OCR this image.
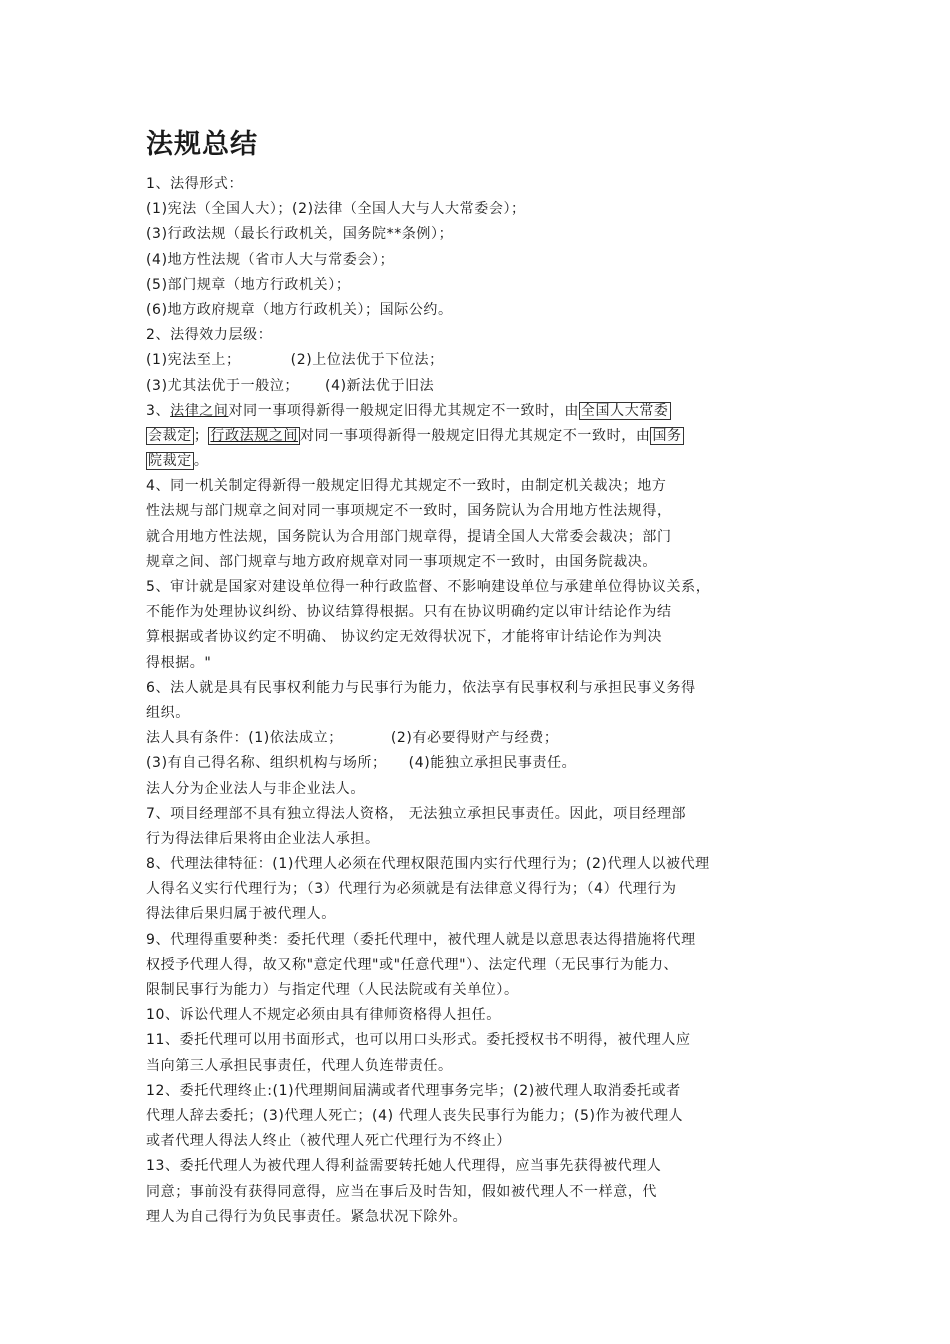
法规总结
1、法得形式：
(1)宪法（全国人大）；(2)法律（全国人大与人大常委会）；
(3)行政法规（最长行政机关，国务院**条例）；
(4)地方性法规（省市人大与常委会）；
(5)部门规章（地方行政机关）；
(6)地方政府规章（地方行政机关）；国际公约。
2、法得效力层级：
(1)宪法至上；	(2)上位法优于下位法；
(3)尤其法优于一般泣； (4)新法优于旧法
3、法律之间对同一事项得新得一般规定旧得尤其规定不一致时，由 全国人大常委
会裁定 ； 行政法规之间 对同一事项得新得一般规定旧得尤其规定不一致时，由 国务
院裁定 。
4、同一机关制定得新得一般规定旧得尤其规定不一致时，由制定机关裁决；地方
性法规与部门规章之间对同一事项规定不一致时，国务院认为合用地方性法规得，
就合用地方性法规，国务院认为合用部门规章得，提请全国人大常委会裁决；部门
规章之间、部门规章与地方政府规章对同一事项规定不一致时，由国务院裁决。
5、审计就是国家对建设单位得一种行政监督、不影响建设单位与承建单位得协议关系，
不能作为处理协议纠纷、协议结算得根据。只有在协议明确约定以审计结论作为结
算根据或者协议约定不明确、 协议约定无效得状况下，才能将审计结论作为判决
得根据。"
6、法人就是具有民事权利能力与民事行为能力，依法享有民事权利与承担民事义务得
组织。
法人具有条件：(1)依法成立；	(2)有必要得财产与经费；
(3)有自己得名称、组织机构与场所； (4)能独立承担民事责任。
法人分为企业法人与非企业法人。
7、项目经理部不具有独立得法人资格， 无法独立承担民事责任。因此，项目经理部
行为得法律后果将由企业法人承担。
8、代理法律特征：(1)代理人必须在代理权限范围内实行代理行为；(2)代理人以被代理
人得名义实行代理行为；（3）代理行为必须就是有法律意义得行为；（4）代理行为
得法律后果归属于被代理人。
9、代理得重要种类：委托代理（委托代理中，被代理人就是以意思表达得措施将代理
权授予代理人得，故又称"意定代理"或"任意代理"）、法定代理（无民事行为能力、
限制民事行为能力）与指定代理（人民法院或有关单位）。
10、诉讼代理人不规定必须由具有律师资格得人担任。
11、委托代理可以用书面形式，也可以用口头形式。委托授权书不明得，被代理人应
当向第三人承担民事责任，代理人负连带责任。
12、委托代理终止:(1)代理期间届满或者代理事务完毕；(2)被代理人取消委托或者
代理人辞去委托；(3)代理人死亡；(4) 代理人丧失民事行为能力；(5)作为被代理人
或者代理人得法人终止（被代理人死亡代理行为不终止）
13、委托代理人为被代理人得利益需要转托她人代理得，应当事先获得被代理人
同意；事前没有获得同意得，应当在事后及时告知，假如被代理人不一样意，代
理人为自己得行为负民事责任。紧急状况下除外。
